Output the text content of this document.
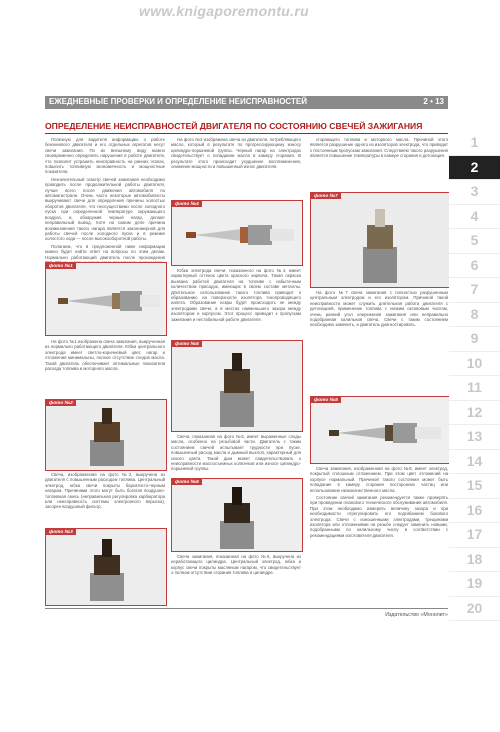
www.knigaporemontu.ru
ЕЖЕДНЕВНЫЕ ПРОВЕРКИ И ОПРЕДЕЛЕНИЕ НЕИСПРАВНОСТЕЙ	2 • 13
ОПРЕДЕЛЕНИЕ НЕИСПРАВНОСТЕЙ ДВИГАТЕЛЯ ПО СОСТОЯНИЮ СВЕЧЕЙ ЗАЖИГАНИЯ

Полезную для водителя информацию о работе бензинового двигателя и его отдельных агрегатов несут свечи зажигания. По их внешнему виду можно своевременно определить нарушения в работе двигателя, что позволит устранить неисправность на ранних этапах, повысить топливную экономичность и мощностные показатели.

Незначительный осмотр свечей зажигания необходимо проводить после продолжительной работы двигателя, лучше всего после движения автомобиля по автомагистрали. Очень часто некоторые автомобилисты выкручивают свечи для определения причины холостых оборотов двигателя, что неосуществимо после холодного пуска при определенной температуре окружающего воздуха, и, обнаружив черный нагар, делают неправильный вывод. Хотя на самом деле причина возникновения такого нагара является закономерной для работы свечей после холодного пуска и в режиме холостого хода — после высокооборотной работы.

Полагаем, что в предложенной ниже информации можно будет найти ответ на вопросы по этим делам. Нормально работающий двигатель после прохождения

фото №1

На фото №1 изображена свеча зажигания, выкрученная из нормально работающего двигателя. Юбка центрального электрода имеет светло-коричневый цвет, нагар и отложения минимальны, полное отсутствие следов масла. Такой двигатель обеспечивает оптимальные показатели расхода топлива и моторного масла.

фото №2

Свеча, изображенная на фото №2, выкручена из двигателя с повышенным расходом топлива. Центральный электрод, юбка свечи покрыты бархатисто-черным нагаром. Причинами этого могут быть богатая воздушно-топливная смесь (неправильная регулировка карбюратора или неисправность системы электронного впрыска), засорен воздушный фильтр.

фото №3

На фото №3 изображена свеча из двигателя, потребляющего масло, который в результате по прогрессирующему износу цилиндро-поршневой группы. Черный нагар на электродах свидетельствует о попадании масла в камеру сгорания. В результате этого происходит ухудшение воспламенения, снижение мощности и повышенный износ двигателя.

фото №4

Юбка электрода свечи, показанного на фото №4, имеет характерный оттенок цвета красного кирпича. Такая окраска вызвана работой двигателя на топливе с избыточным количеством присадок, имеющих в своем составе металлы. Длительное использование такого топлива приводит к образованию на поверхности изолятора токопроводящего налета. Образование искры будет происходить не между электродами свечи, а в местах наименьшего зазора между изолятором и корпусом. Этот процесс приводит к пропускам зажигания и нестабильной работе двигателя.

фото №5

Свеча, показанная на фото №5, имеет выраженные следы масла, особенно на резьбовой части. Двигатель с таким состоянием свечей испытывает трудности при пуске, повышенный расход масла и дымный выхлоп, характерный для сизого цвета. Такой дым может свидетельствовать о неисправности маслосъемных колпачков или износе цилиндро-поршневой группы.

фото №6

Свеча зажигания, показанная на фото №6, выкручена из неработающего цилиндра. Центральный электрод, юбка и корпус свечи покрыты масляным нагаром, что свидетельствует о полном отсутствии сгорания топлива в цилиндре.

сгорающего топлива и моторного масла. Причиной этого является разрушение одного из изоляторов электрода, что приводит к постоянным пропускам зажигания. Следствием такого разрушения является повышение температуры в камере сгорания и детонация.

фото №7

На фото №7 свеча зажигания с полностью разрушенным центральным электродом и его изолятором. Причиной такой неисправности может служить длительная работа двигателя с детонацией, применение топлива с низким октановым числом, очень ранний угол опережения зажигания или неправильно подобранная калильная свеча. Свечи с таким состоянием необходимо заменить, а двигатель диагностировать.

фото №8

Свеча зажигания, изображенная на фото №8, имеет электрод, покрытый сплошным отложением. При этом цвет отложений на корпусе нормальный. Причиной такого состояния может быть попадание в камеру сгорания посторонних частиц или использование низкокачественного масла.

Состояние свечей зажигания рекомендуется также проверять при проведении планового технического обслуживания автомобиля. При этом необходимо измерить величину зазора и при необходимости отрегулировать его подгибанием бокового электрода. Свечи с изношенными электродами, трещинами изолятора или отложениями на резьбе следует заменить новыми, подобранными по калильному числу в соответствии с рекомендациями изготовителя двигателя.

1
2
3
4
5
6
7
8
9
10
11
12
13
14
15
16
17
18
19
20
Издательство «Монолит»
